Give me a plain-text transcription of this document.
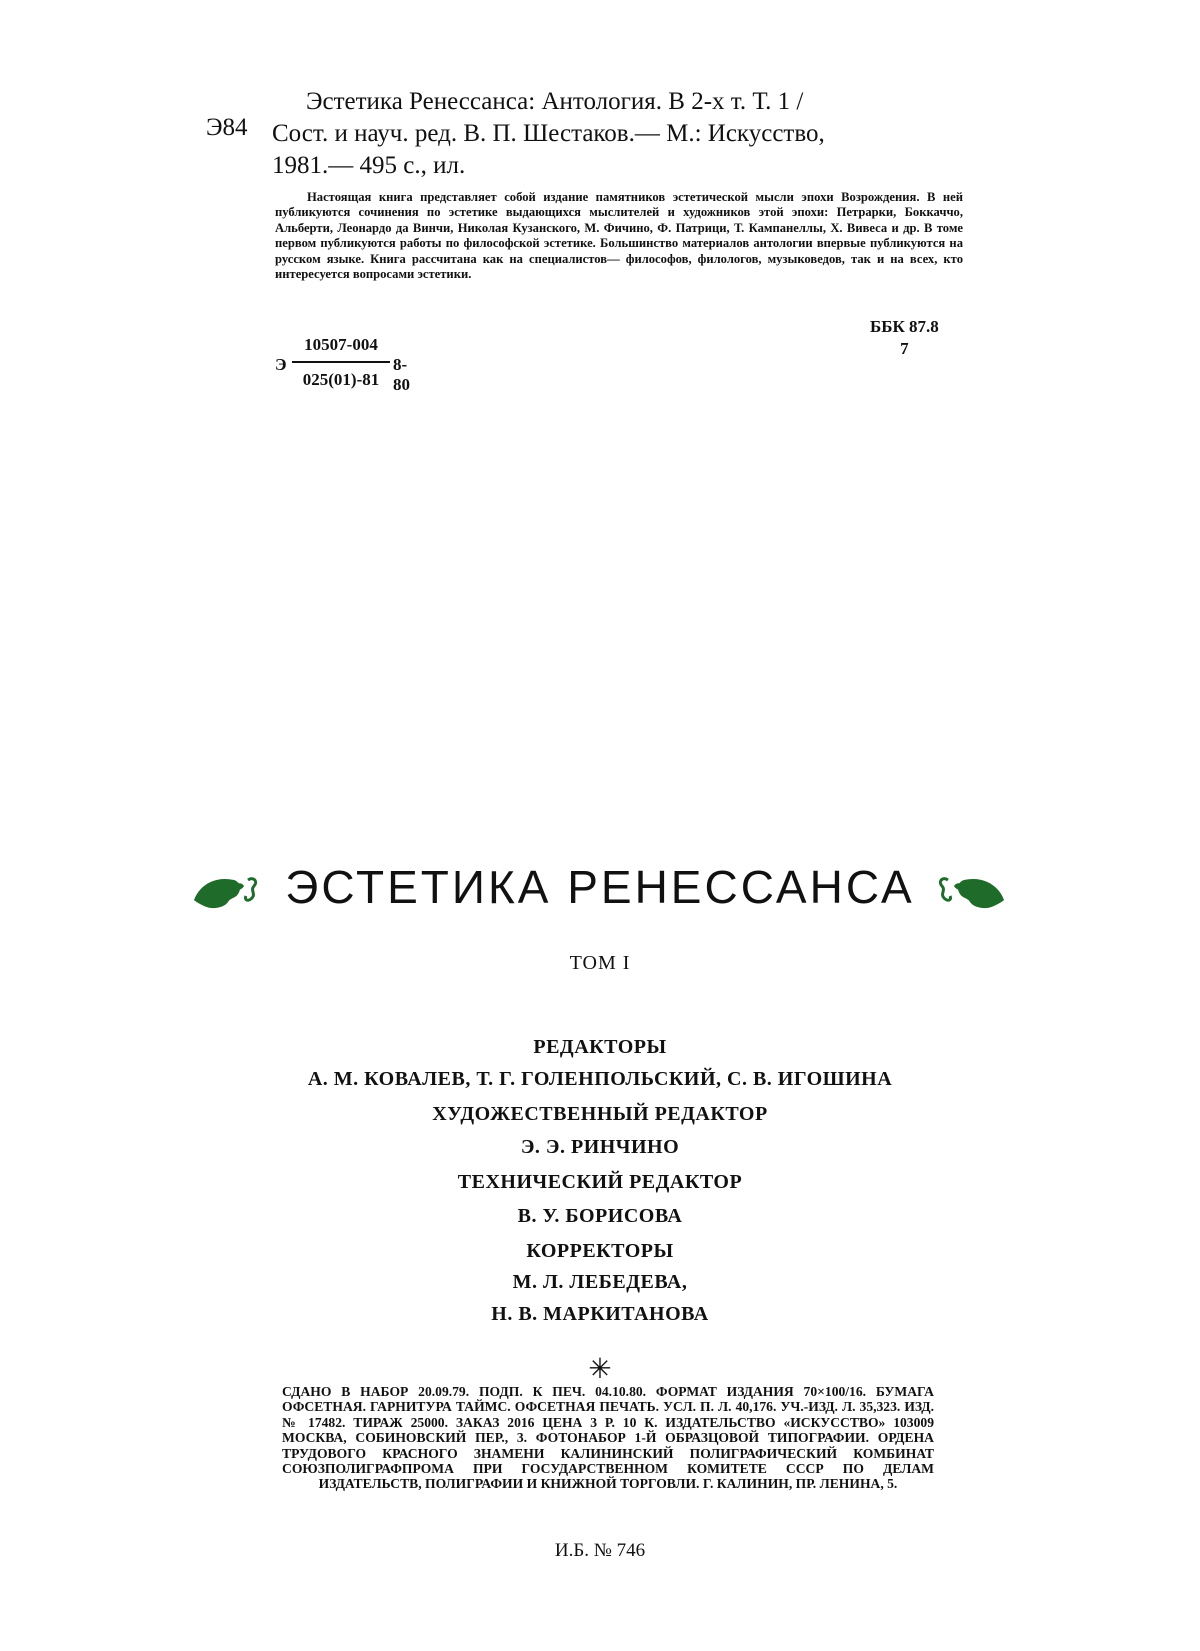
Эстетика Ренессанса: Антология. В 2-х т. Т. 1 /
Э84 Сост. и науч. ред. В. П. Шестаков.— М.: Искусство,
1981.— 495 с., ил.
Настоящая книга представляет собой издание памятников эстетической мысли эпохи Возрождения. В ней публикуются сочинения по эстетике выдающихся мыслителей и художников этой эпохи: Петрарки, Боккаччо, Альберти, Леонардо да Винчи, Николая Кузанского, М. Фичино, Ф. Патрици, Т. Кампанеллы, Х. Вивеса и др. В томе первом публикуются работы по философской эстетике. Большинство материалов антологии впервые публикуются на русском языке. Книга рассчитана как на специалистов— философов, филологов, музыковедов, так и на всех, кто интересуется вопросами эстетики.
ББК 87.8
7
Э
10507-004
025(01)-81
8-80
ЭСТЕТИКА РЕНЕССАНСА
ТОМ I
РЕДАКТОРЫ
А. М. КОВАЛЕВ, Т. Г. ГОЛЕНПОЛЬСКИЙ, С. В. ИГОШИНА
ХУДОЖЕСТВЕННЫЙ РЕДАКТОР
Э. Э. РИНЧИНО
ТЕХНИЧЕСКИЙ РЕДАКТОР
В. У. БОРИСОВА
КОРРЕКТОРЫ
М. Л. ЛЕБЕДЕВА,
Н. В. МАРКИТАНОВА
✳
СДАНО В НАБОР 20.09.79. ПОДП. К ПЕЧ. 04.10.80. ФОРМАТ ИЗДАНИЯ 70×100/16. БУМАГА ОФСЕТНАЯ. ГАРНИТУРА ТАЙМС. ОФСЕТНАЯ ПЕЧАТЬ. УСЛ. П. Л. 40,176. УЧ.-ИЗД. Л. 35,323. ИЗД. № 17482. ТИРАЖ 25000. ЗАКАЗ 2016 ЦЕНА 3 Р. 10 К. ИЗДАТЕЛЬСТВО «ИСКУССТВО» 103009 МОСКВА, СОБИНОВСКИЙ ПЕР., 3. ФОТОНАБОР 1-Й ОБРАЗЦОВОЙ ТИПОГРАФИИ. ОРДЕНА ТРУДОВОГО КРАСНОГО ЗНАМЕНИ КАЛИНИНСКИЙ ПОЛИГРАФИЧЕСКИЙ КОМБИНАТ СОЮЗПОЛИГРАФПРОМА ПРИ ГОСУДАРСТВЕННОМ КОМИТЕТЕ СССР ПО ДЕЛАМ ИЗДАТЕЛЬСТВ, ПОЛИГРАФИИ И КНИЖНОЙ ТОРГОВЛИ. Г. КАЛИНИН, ПР. ЛЕНИНА, 5.
И.Б. № 746
